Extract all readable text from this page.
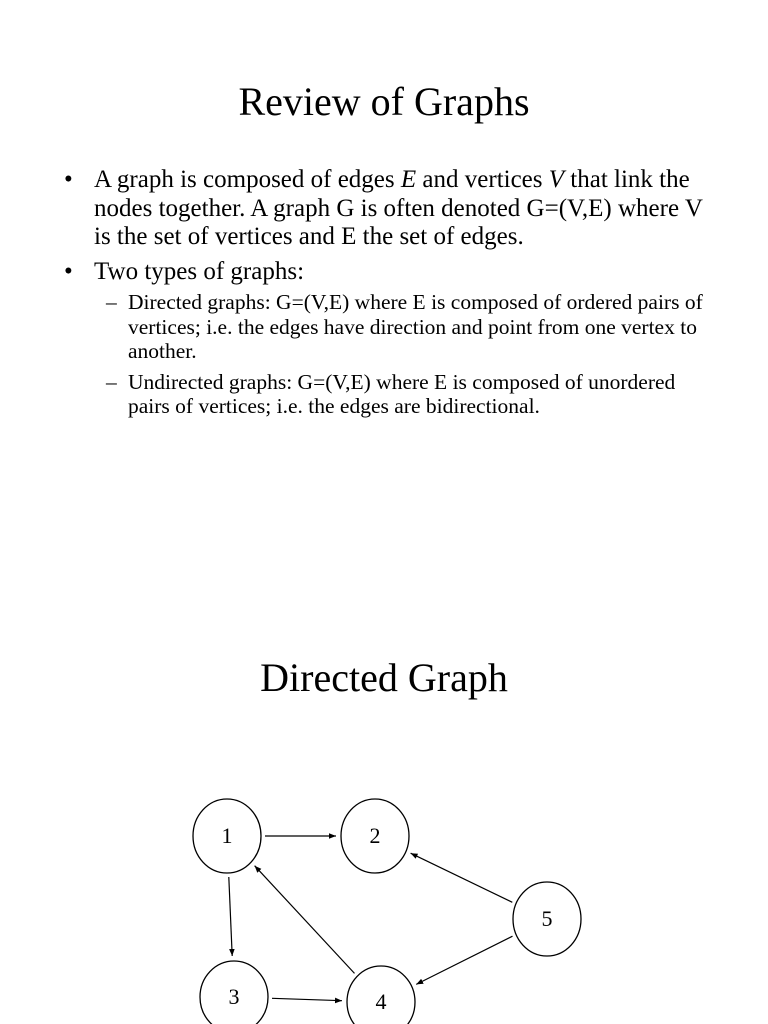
Review of Graphs
• A graph is composed of edges E and vertices V that link the nodes together. A graph G is often denoted G=(V,E) where V is the set of vertices and E the set of edges.
• Two types of graphs:
– Directed graphs: G=(V,E) where E is composed of ordered pairs of vertices; i.e. the edges have direction and point from one vertex to another.
– Undirected graphs: G=(V,E) where E is composed of unordered pairs of vertices; i.e. the edges are bidirectional.
Directed Graph
1	2
3	4
5
